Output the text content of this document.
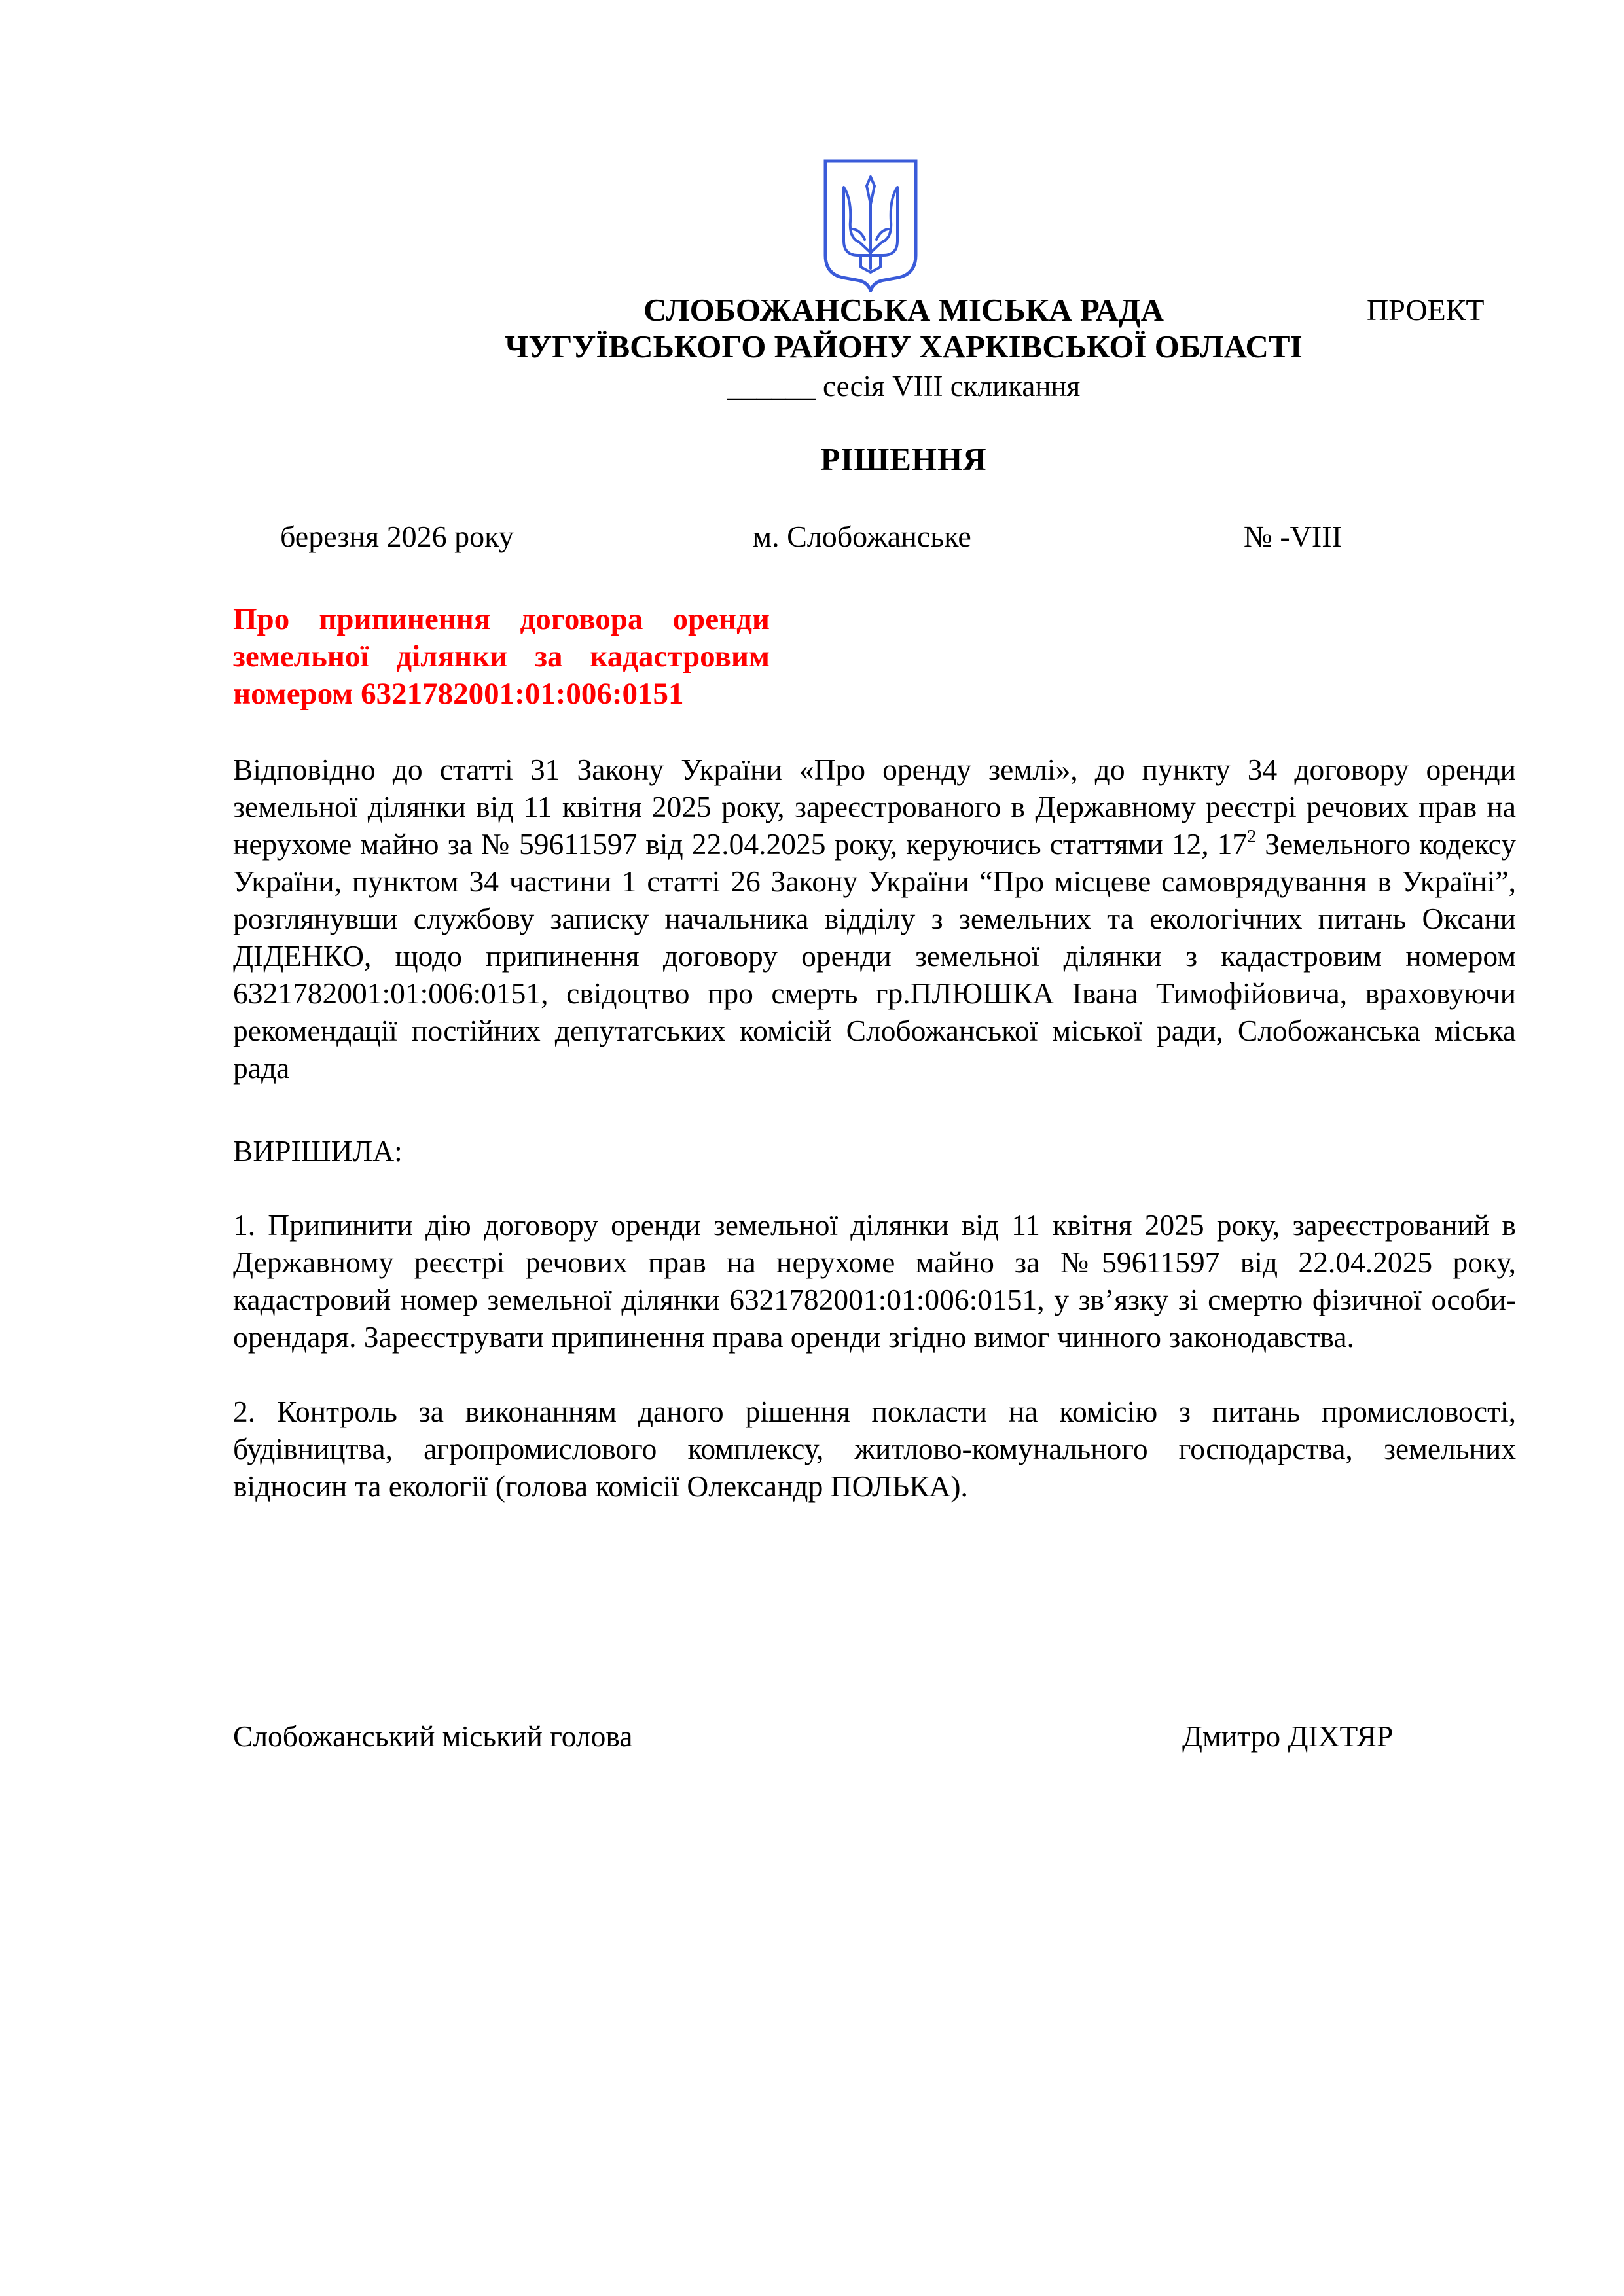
СЛОБОЖАНСЬКА МІСЬКА РАДА
ЧУГУЇВСЬКОГО РАЙОНУ ХАРКІВСЬКОЇ ОБЛАСТІ
______ сесія VIII скликання
ПРОЕКТ
РІШЕННЯ
березня 2026 року	м. Слобожанське	№ -VIII
Про припинення договора оренди
земельної ділянки за кадастровим
номером 6321782001:01:006:0151
Відповідно до статті 31 Закону України «Про оренду землі», до пункту 34 договору оренди земельної ділянки від 11 квітня 2025 року, зареєстрованого в Державному реєстрі речових прав на нерухоме майно за № 59611597 від 22.04.2025 року, керуючись статтями 12, $17^2$ Земельного кодексу України, пунктом 34 частини 1 статті 26 Закону України “Про місцеве самоврядування в Україні”, розглянувши службову записку начальника відділу з земельних та екологічних питань Оксани ДІДЕНКО, щодо припинення договору оренди земельної ділянки з кадастровим номером 6321782001:01:006:0151, свідоцтво про смерть гр.ПЛЮШКА Івана Тимофійовича, враховуючи рекомендації постійних депутатських комісій Слобожанської міської ради, Слобожанська міська рада
ВИРІШИЛА:
1. Припинити дію договору оренди земельної ділянки від 11 квітня 2025 року, зареєстрований в Державному реєстрі речових прав на нерухоме майно за №59611597 від 22.04.2025 року, кадастровий номер земельної ділянки 6321782001:01:006:0151, у зв’язку зі смертю фізичної особи-орендаря. Зареєструвати припинення права оренди згідно вимог чинного законодавства.
2. Контроль за виконанням даного рішення покласти на комісію з питань промисловості, будівництва, агропромислового комплексу, житлово-комунального господарства, земельних відносин та екології (голова комісії Олександр ПОЛЬКА).
Слобожанський міський голова	Дмитро ДІХТЯР
